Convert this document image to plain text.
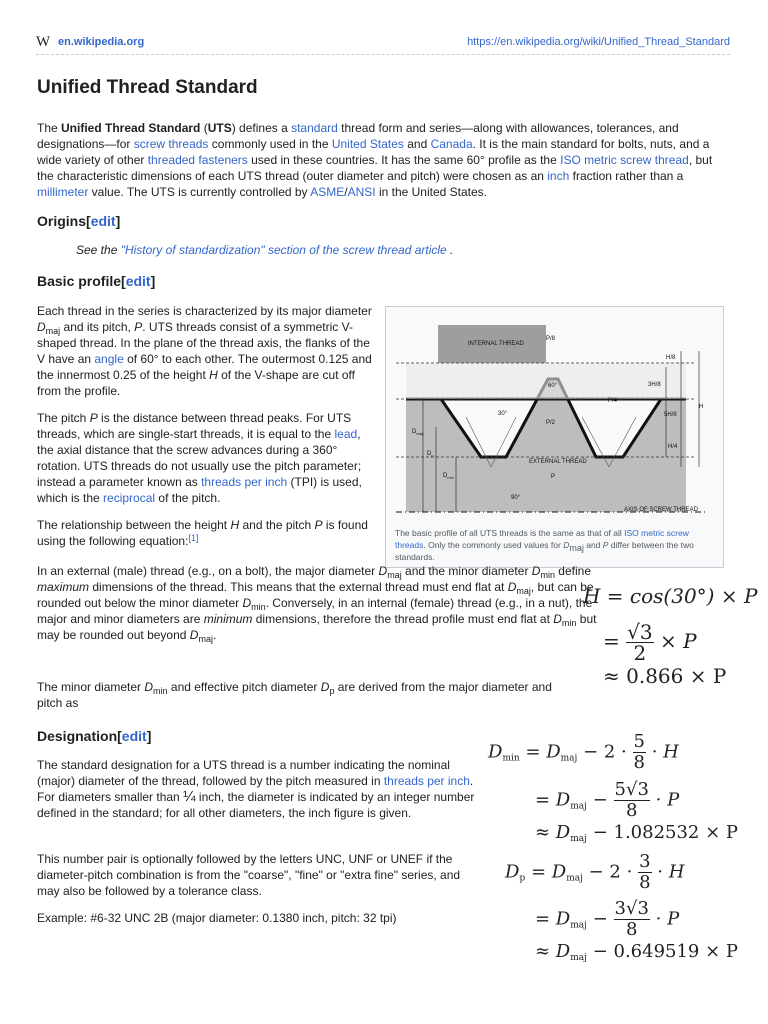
W en.wikipedia.org	https://en.wikipedia.org/wiki/Unified_Thread_Standard
Unified Thread Standard

The Unified Thread Standard (UTS) defines a standard thread form and series—along with allowances, tolerances, and designations—for screw threads commonly used in the United States and Canada. It is the main standard for bolts, nuts, and a wide variety of other threaded fasteners used in these countries. It has the same 60° profile as the ISO metric screw thread, but the characteristic dimensions of each UTS thread (outer diameter and pitch) were chosen as an inch fraction rather than a millimeter value. The UTS is currently controlled by ASME/ANSI in the United States.

Origins[edit]

See the "History of standardization" section of the screw thread article .

Basic profile[edit]

Each thread in the series is characterized by its major diameter $D_{maj}$ and its pitch, P. UTS threads consist of a symmetric V-shaped thread. In the plane of the thread axis, the flanks of the V have an angle of 60° to each other. The outermost 0.125 and the innermost 0.25 of the height H of the V-shape are cut off from the profile.

The pitch P is the distance between thread peaks. For UTS threads, which are single-start threads, it is equal to the lead, the axial distance that the screw advances during a 360° rotation. UTS threads do not usually use the pitch parameter; instead a parameter known as threads per inch (TPI) is used, which is the reciprocal of the pitch.

The relationship between the height H and the pitch P is found using the following equation:[1]

INTERNAL THREAD
P/8
60°
P/4
30°
P/2
EXTERNAL THREAD
P
90°
AXIS OF SCREW THREAD
H/8
3H/8
5H/8
H/4
H
$D_{maj}$
$D_p$
$D_{min}$
The basic profile of all UTS threads is the same as that of all ISO metric screw threads. Only the commonly used values for $D_{maj}$ and P differ between the two standards.

In an external (male) thread (e.g., on a bolt), the major diameter $D_{maj}$ and the minor diameter $D_{min}$ define maximum dimensions of the thread. This means that the external thread must end flat at $D_{maj}$, but can be rounded out below the minor diameter $D_{min}$. Conversely, in an internal (female) thread (e.g., in a nut), the major and minor diameters are minimum dimensions, therefore the thread profile must end flat at $D_{min}$ but may be rounded out beyond $D_{maj}$.

The minor diameter $D_{min}$ and effective pitch diameter $D_p$ are derived from the major diameter and pitch as

Designation[edit]

The standard designation for a UTS thread is a number indicating the nominal (major) diameter of the thread, followed by the pitch measured in threads per inch. For diameters smaller than ¼ inch, the diameter is indicated by an integer number defined in the standard; for all other diameters, the inch figure is given.

This number pair is optionally followed by the letters UNC, UNF or UNEF if the diameter-pitch combination is from the "coarse", "fine" or "extra fine" series, and may also be followed by a tolerance class.

Example: #6-32 UNC 2B (major diameter: 0.1380 inch, pitch: 32 tpi)

H = cos(30°) × P
= $\frac{√3}{2} \times P$
≈ 0.866 × P
$D_{min} = D_{maj} - 2 \cdot \frac{5}{8} \cdot H$
= $D_{maj} - \frac{5√3}{8} \cdot P$
≈ $D_{maj} - 1.082532 \times P$
$D_p = D_{maj} - 2 \cdot \frac{3}{8} \cdot H$
= $D_{maj} - \frac{3√3}{8} \cdot P$
≈ $D_{maj} - 0.649519 \times P$
